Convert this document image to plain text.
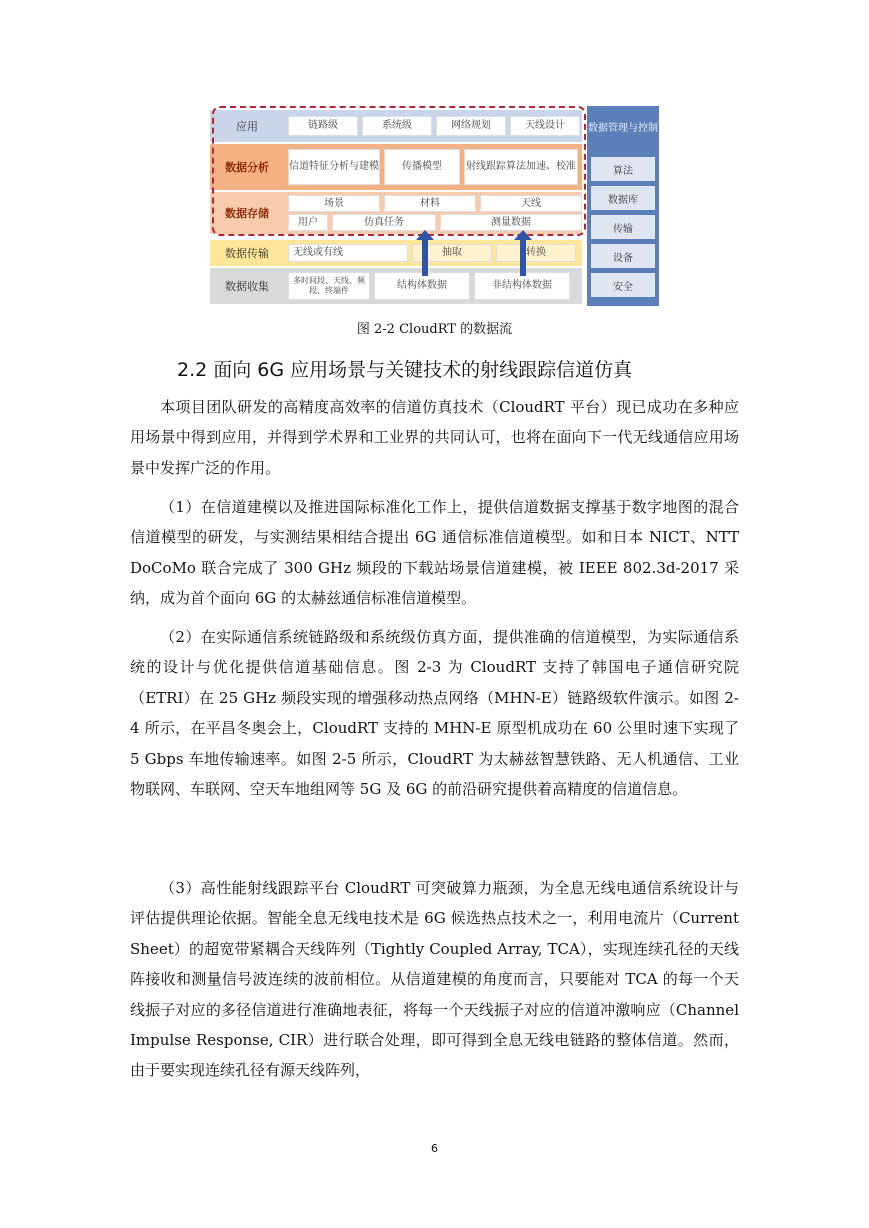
应用	链路级	系统级	网络规划	天线设计
数据分析	信道特征分析与建模	传播模型	射线跟踪算法加速、校准
数据存储
场景	材料	天线
用户	仿真任务	测量数据
数据传输	无线或有线	抽取	转换
数据收集	多时间段、天线、频段、终端件	结构体数据	非结构体数据
数据管理与控制
算法
数据库
传输
设备
安全
图 2-2 CloudRT 的数据流
2.2 面向 6G 应用场景与关键技术的射线跟踪信道仿真
本项目团队研发的高精度高效率的信道仿真技术（CloudRT 平台）现已成功在多种应用场景中得到应用，并得到学术界和工业界的共同认可，也将在面向下一代无线通信应用场景中发挥广泛的作用。
（1）在信道建模以及推进国际标准化工作上，提供信道数据支撑基于数字地图的混合信道模型的研发，与实测结果相结合提出 6G 通信标准信道模型。如和日本 NICT、NTT DoCoMo 联合完成了 300 GHz 频段的下载站场景信道建模，被 IEEE 802.3d-2017 采纳，成为首个面向 6G 的太赫兹通信标准信道模型。
（2）在实际通信系统链路级和系统级仿真方面，提供准确的信道模型，为实际通信系统的设计与优化提供信道基础信息。图 2-3 为 CloudRT 支持了韩国电子通信研究院（ETRI）在 25 GHz 频段实现的增强移动热点网络（MHN-E）链路级软件演示。如图 2-4 所示，在平昌冬奥会上，CloudRT 支持的 MHN-E 原型机成功在 60 公里时速下实现了 5 Gbps 车地传输速率。如图 2-5 所示，CloudRT 为太赫兹智慧铁路、无人机通信、工业物联网、车联网、空天车地组网等 5G 及 6G 的前沿研究提供着高精度的信道信息。
（3）高性能射线跟踪平台 CloudRT 可突破算力瓶颈，为全息无线电通信系统设计与评估提供理论依据。智能全息无线电技术是 6G 候选热点技术之一，利用电流片（Current Sheet）的超宽带紧耦合天线阵列（Tightly Coupled Array, TCA），实现连续孔径的天线阵接收和测量信号波连续的波前相位。从信道建模的角度而言，只要能对 TCA 的每一个天线振子对应的多径信道进行准确地表征，将每一个天线振子对应的信道冲激响应（Channel Impulse Response, CIR）进行联合处理，即可得到全息无线电链路的整体信道。然而，由于要实现连续孔径有源天线阵列，
6
